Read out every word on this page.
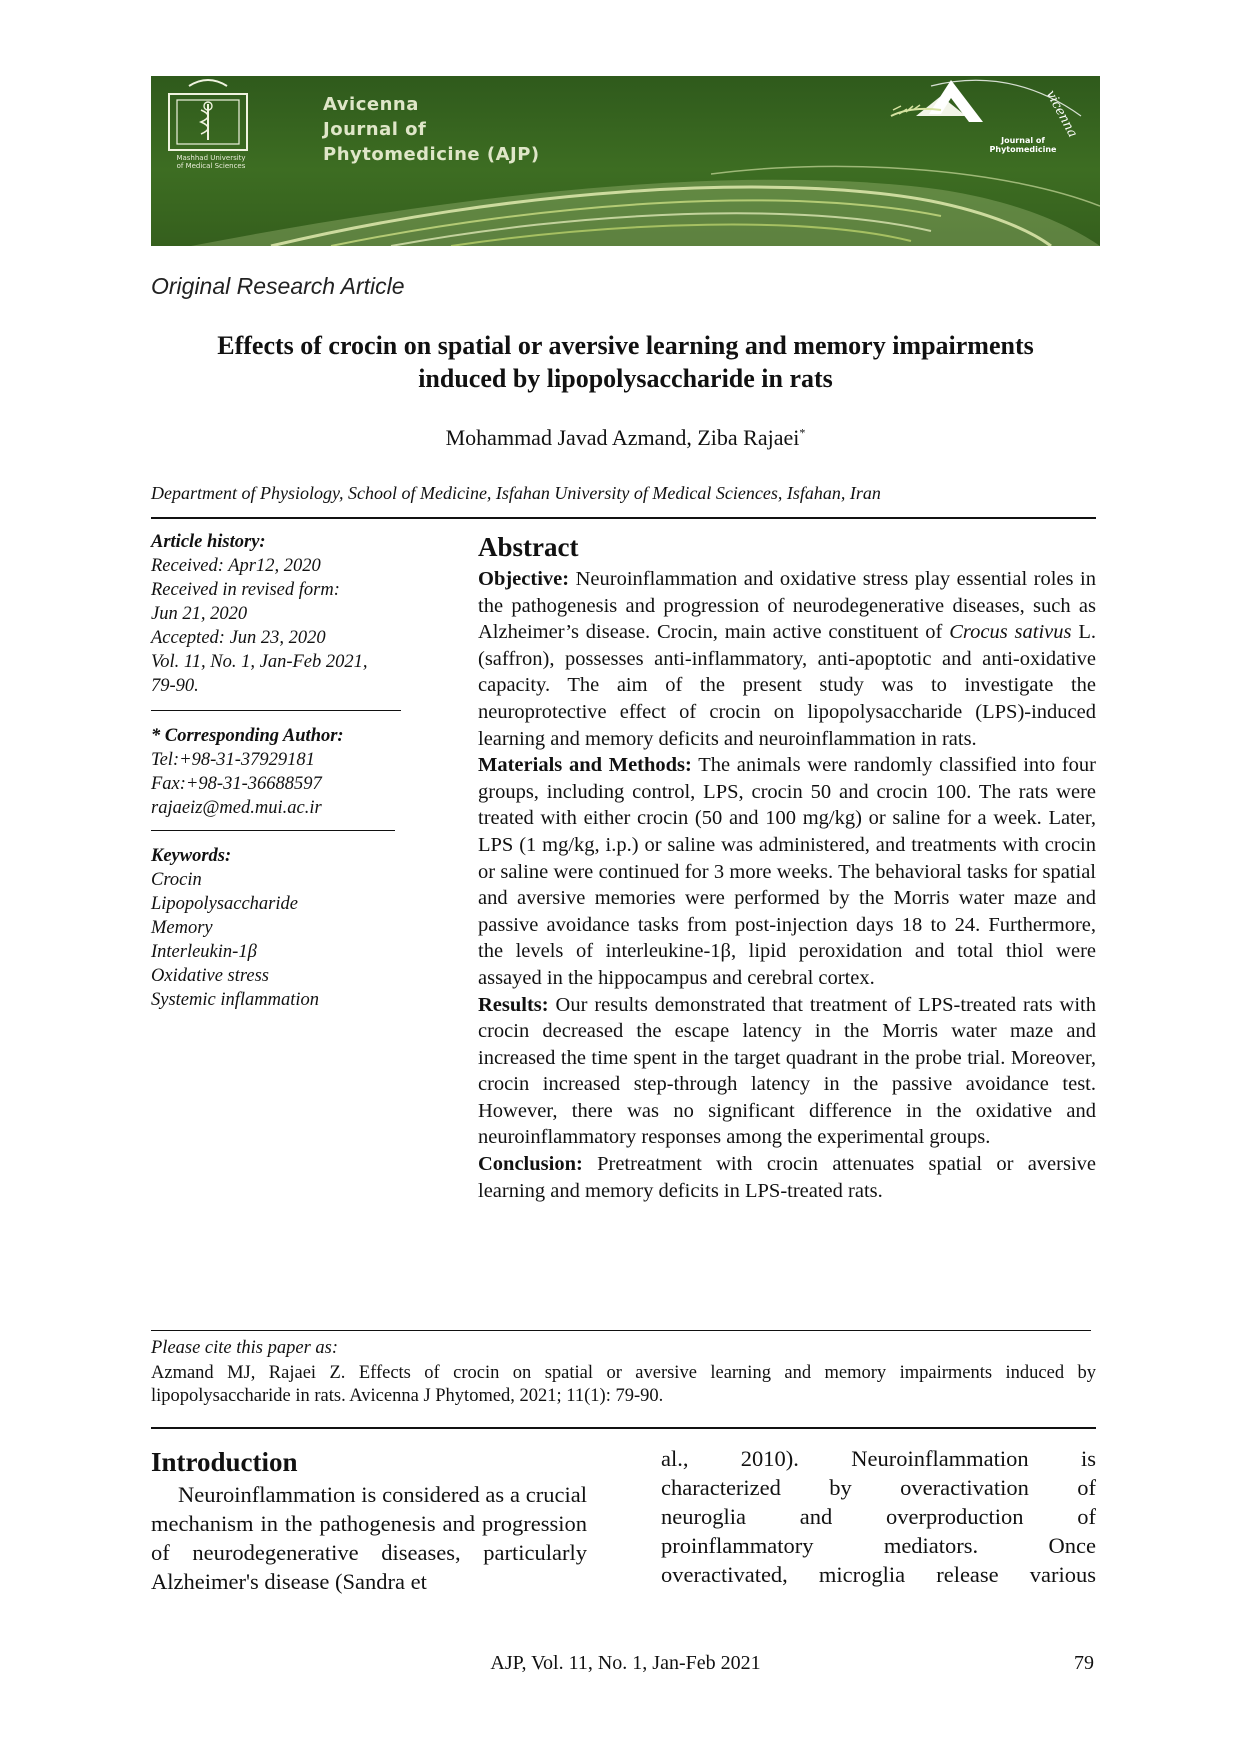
Mashhad University
of Medical Sciences
Avicenna
Journal of
Phytomedicine (AJP)
Journal of
Phytomedicine
vicenna
Original Research Article
Effects of crocin on spatial or aversive learning and memory impairments
induced by lipopolysaccharide in rats
Mohammad Javad Azmand, Ziba Rajaei*
Department of Physiology, School of Medicine, Isfahan University of Medical Sciences, Isfahan, Iran
Article history:
Received: Apr12, 2020
Received in revised form:
Jun 21, 2020
Accepted: Jun 23, 2020
Vol. 11, No. 1, Jan-Feb 2021,
79-90.
* Corresponding Author:
Tel:+98-31-37929181
Fax:+98-31-36688597
rajaeiz@med.mui.ac.ir
Keywords:
Crocin
Lipopolysaccharide
Memory
Interleukin-1β
Oxidative stress
Systemic inflammation
Abstract

Objective: Neuroinflammation and oxidative stress play essential roles in the pathogenesis and progression of neurodegenerative diseases, such as Alzheimer’s disease. Crocin, main active constituent of Crocus sativus L. (saffron), possesses anti-inflammatory, anti-apoptotic and anti-oxidative capacity. The aim of the present study was to investigate the neuroprotective effect of crocin on lipopolysaccharide (LPS)-induced learning and memory deficits and neuroinflammation in rats.

Materials and Methods: The animals were randomly classified into four groups, including control, LPS, crocin 50 and crocin 100. The rats were treated with either crocin (50 and 100 mg/kg) or saline for a week. Later, LPS (1 mg/kg, i.p.) or saline was administered, and treatments with crocin or saline were continued for 3 more weeks. The behavioral tasks for spatial and aversive memories were performed by the Morris water maze and passive avoidance tasks from post-injection days 18 to 24. Furthermore, the levels of interleukine-1β, lipid peroxidation and total thiol were assayed in the hippocampus and cerebral cortex.

Results: Our results demonstrated that treatment of LPS-treated rats with crocin decreased the escape latency in the Morris water maze and increased the time spent in the target quadrant in the probe trial. Moreover, crocin increased step-through latency in the passive avoidance test. However, there was no significant difference in the oxidative and neuroinflammatory responses among the experimental groups.

Conclusion: Pretreatment with crocin attenuates spatial or aversive learning and memory deficits in LPS-treated rats.

Please cite this paper as:
Azmand MJ, Rajaei Z. Effects of crocin on spatial or aversive learning and memory impairments induced by lipopolysaccharide in rats. Avicenna J Phytomed, 2021; 11(1): 79-90.
Introduction
Neuroinflammation is considered as a crucial mechanism in the pathogenesis and progression of neurodegenerative diseases, particularly Alzheimer's disease (Sandra et
al., 2010). Neuroinflammation is
characterized by overactivation of
neuroglia and overproduction of
proinflammatory mediators. Once
overactivated, microglia release various
AJP, Vol. 11, No. 1, Jan-Feb 2021	79
